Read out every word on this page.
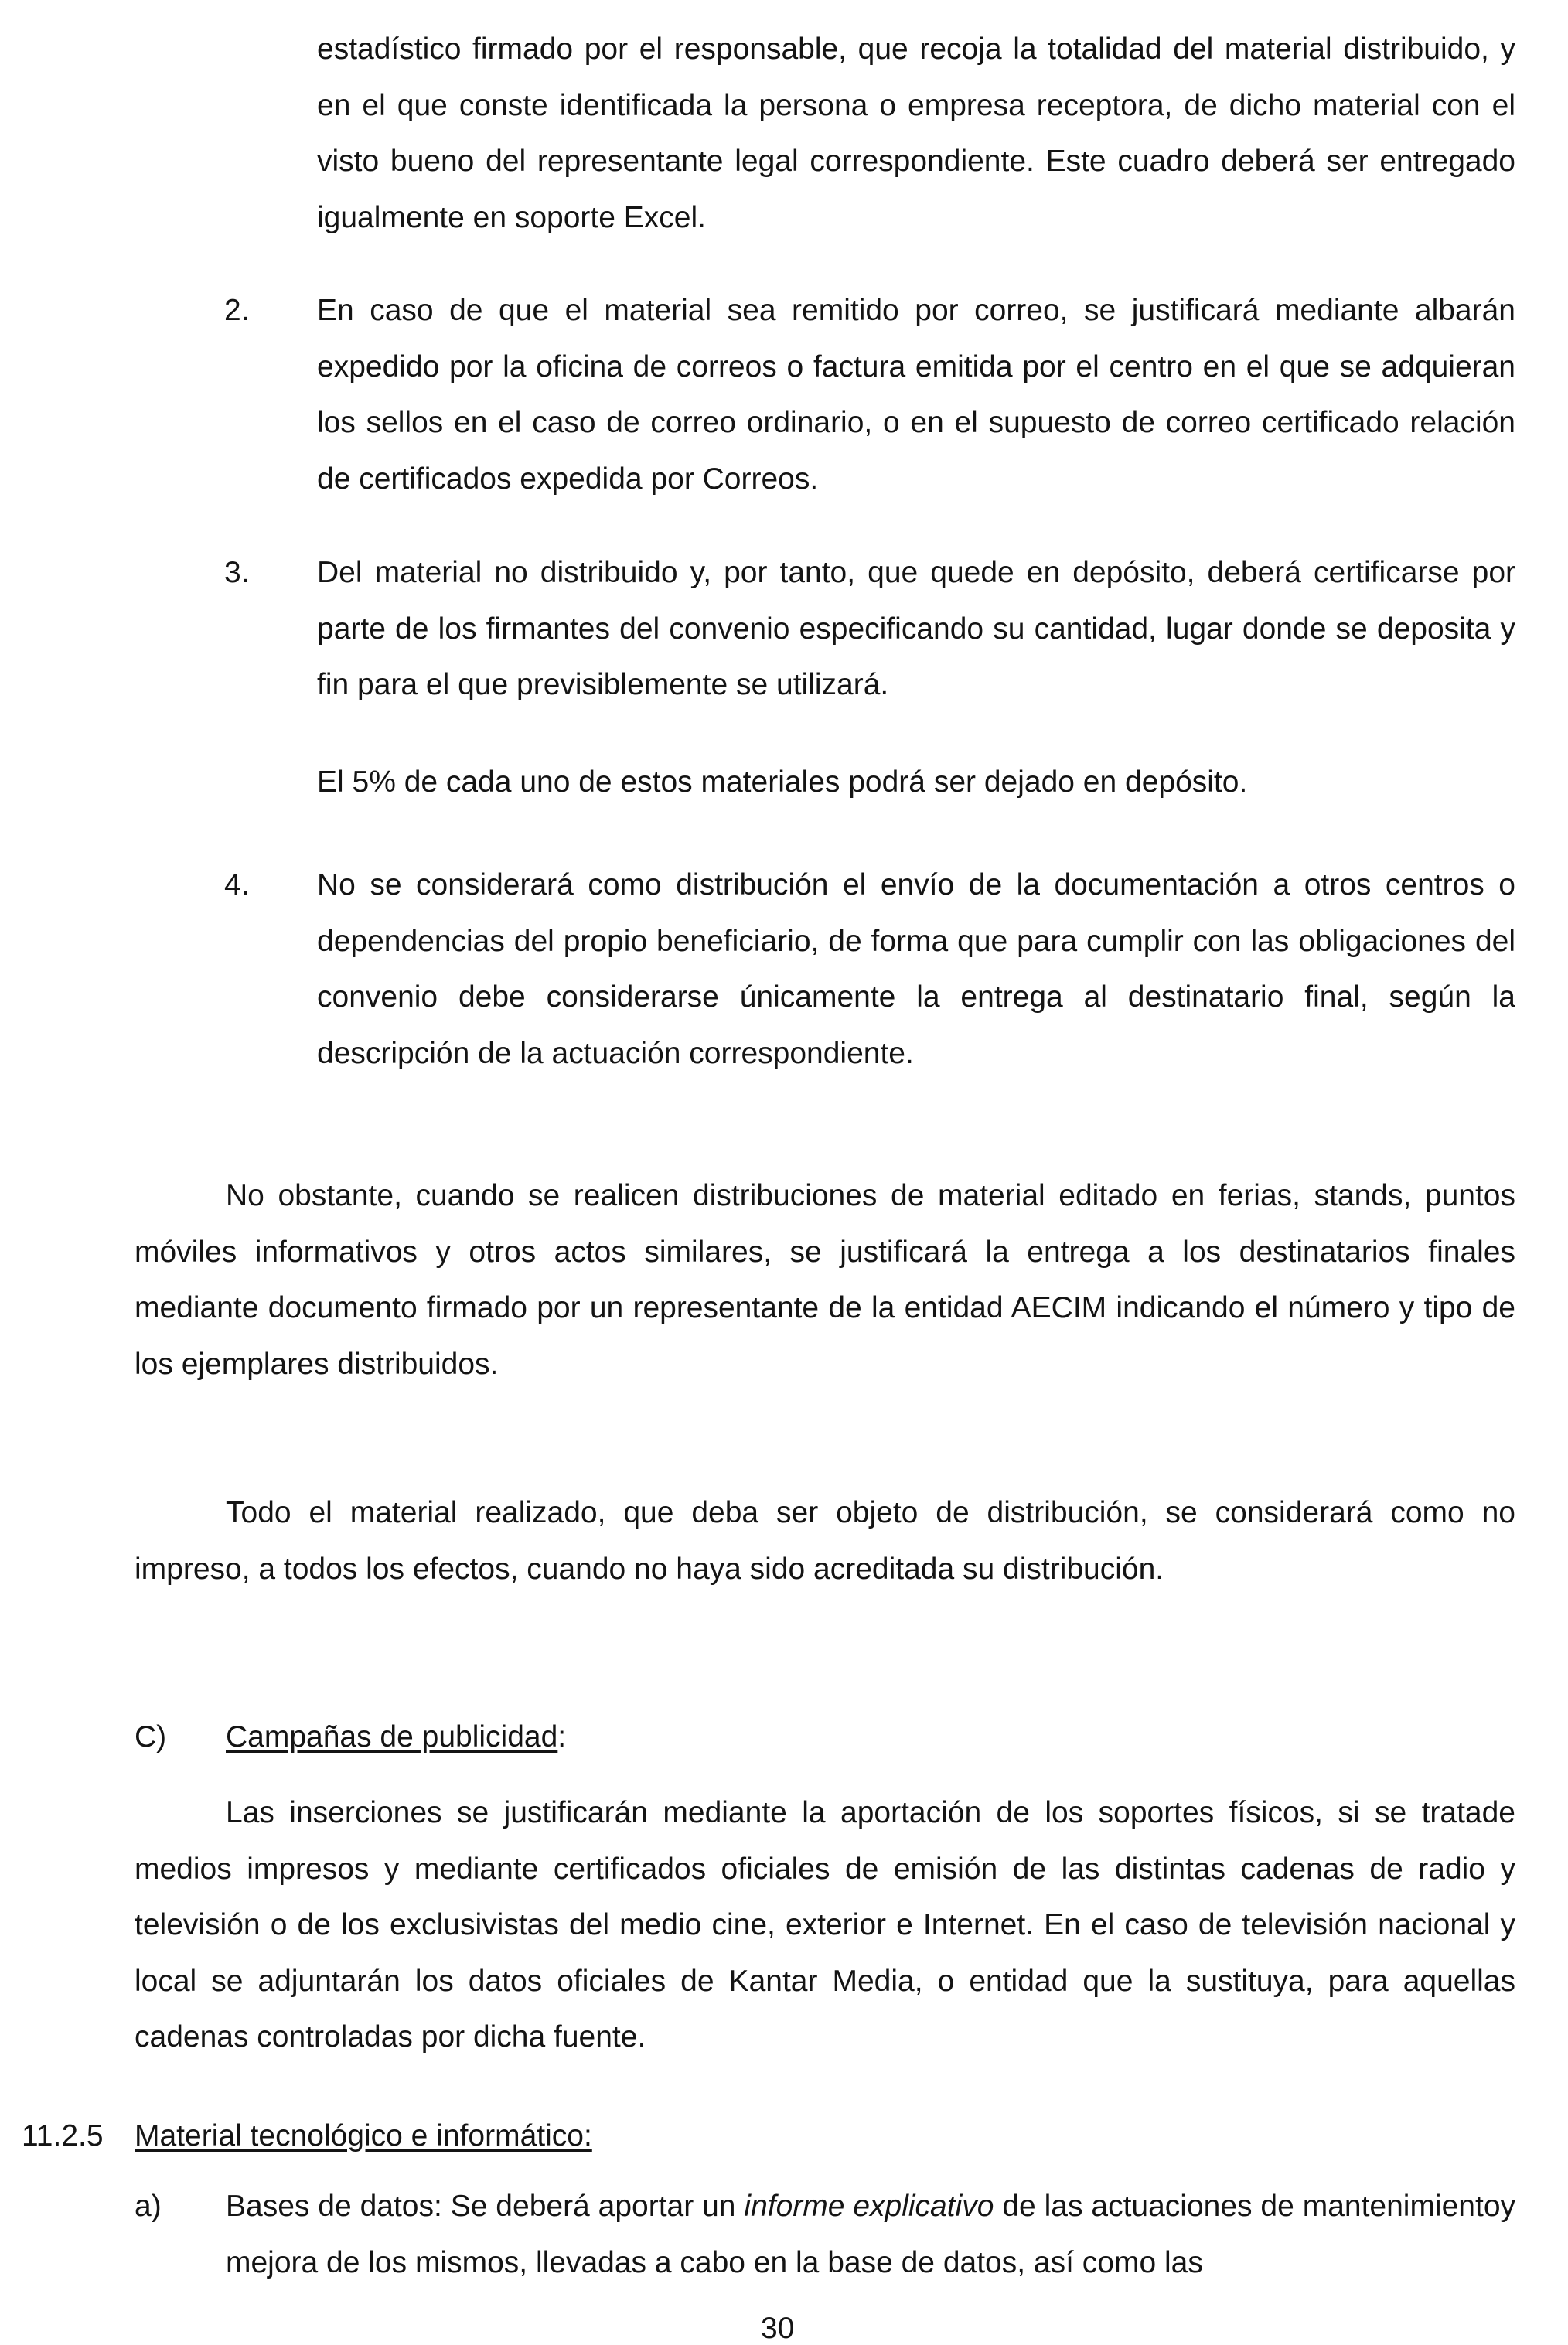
estadístico firmado por el responsable, que recoja la totalidad del material distribuido, y en el que conste identificada la persona o empresa receptora, de dicho material con el visto bueno del representante legal correspondiente. Este cuadro deberá ser entregado igualmente en soporte Excel.

2. En caso de que el material sea remitido por correo, se justificará mediante albarán expedido por la oficina de correos o factura emitida por el centro en el que se adquieran los sellos en el caso de correo ordinario, o en el supuesto de correo certificado relación de certificados expedida por Correos.

3. Del material no distribuido y, por tanto, que quede en depósito, deberá certificarse por parte de los firmantes del convenio especificando su cantidad, lugar donde se deposita y fin para el que previsiblemente se utilizará.

El 5% de cada uno de estos materiales podrá ser dejado en depósito.

4. No se considerará como distribución el envío de la documentación a otros centros o dependencias del propio beneficiario, de forma que para cumplir con las obligaciones del convenio debe considerarse únicamente la entrega al destinatario final, según la descripción de la actuación correspondiente.

No obstante, cuando se realicen distribuciones de material editado en ferias, stands, puntos móviles informativos y otros actos similares, se justificará la entrega a los destinatarios finales mediante documento firmado por un representante de la entidad AECIM indicando el número y tipo de los ejemplares distribuidos.

Todo el material realizado, que deba ser objeto de distribución, se considerará como no impreso, a todos los efectos, cuando no haya sido acreditada su distribución.

C) Campañas de publicidad:

Las inserciones se justificarán mediante la aportación de los soportes físicos, si se tratade medios impresos y mediante certificados oficiales de emisión de las distintas cadenas de radio y televisión o de los exclusivistas del medio cine, exterior e Internet. En el caso de televisión nacional y local se adjuntarán los datos oficiales de Kantar Media, o entidad que la sustituya, para aquellas cadenas controladas por dicha fuente.

11.2.5 Material tecnológico e informático:
a) Bases de datos: Se deberá aportar un informe explicativo de las actuaciones de mantenimientoy mejora de los mismos, llevadas a cabo en la base de datos, así como las

30
